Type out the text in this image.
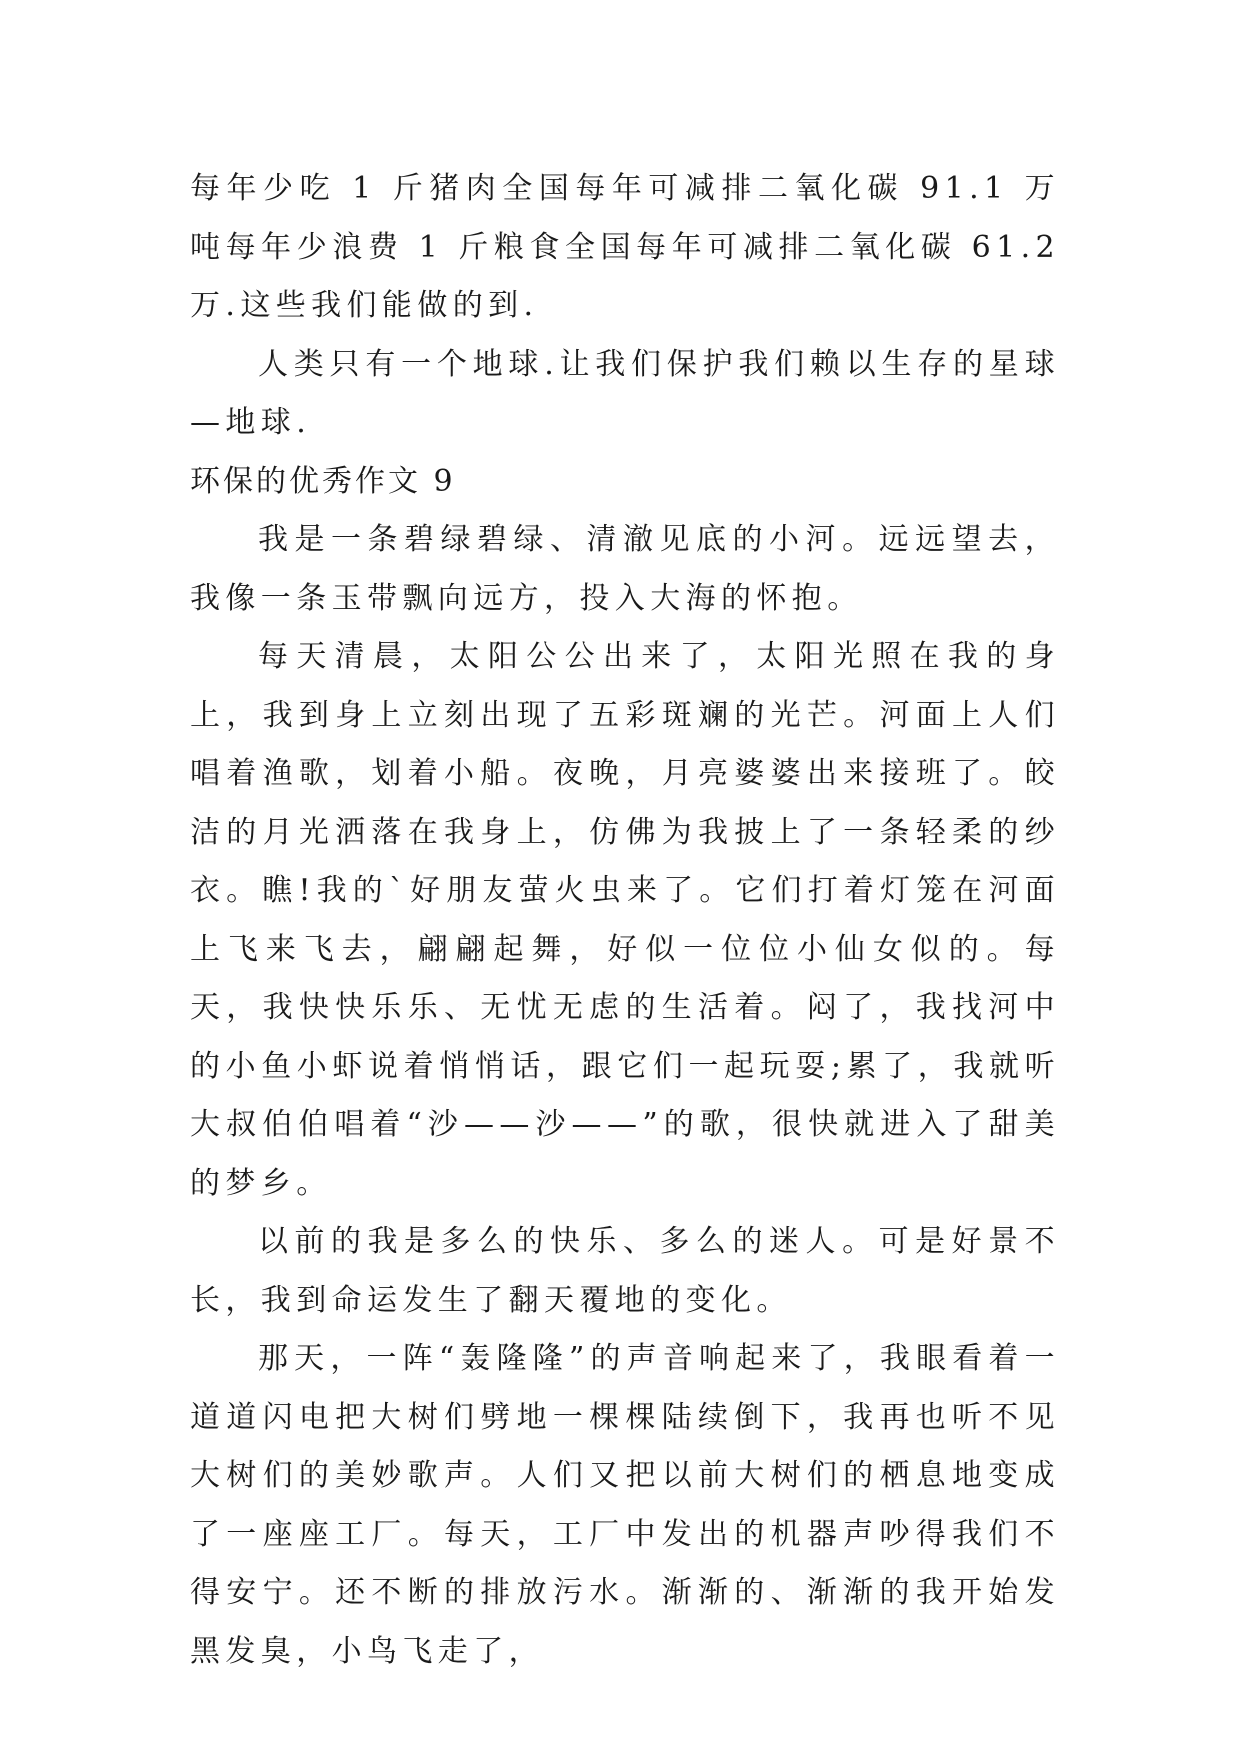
每年少吃 1 斤猪肉全国每年可减排二氧化碳 91.1 万吨每年少浪费 1 斤粮食全国每年可减排二氧化碳 61.2 万.这些我们能做的到.

人类只有一个地球.让我们保护我们赖以生存的星球—地球.

环保的优秀作文 9

我是一条碧绿碧绿、清澈见底的小河。远远望去，我像一条玉带飘向远方，投入大海的怀抱。

每天清晨，太阳公公出来了，太阳光照在我的身上，我到身上立刻出现了五彩斑斓的光芒。河面上人们唱着渔歌，划着小船。夜晚，月亮婆婆出来接班了。皎洁的月光洒落在我身上，仿佛为我披上了一条轻柔的纱衣。瞧!我的`好朋友萤火虫来了。它们打着灯笼在河面上飞来飞去，翩翩起舞，好似一位位小仙女似的。每天，我快快乐乐、无忧无虑的生活着。闷了，我找河中的小鱼小虾说着悄悄话，跟它们一起玩耍;累了，我就听大叔伯伯唱着“沙——沙——”的歌，很快就进入了甜美的梦乡。

以前的我是多么的快乐、多么的迷人。可是好景不长，我到命运发生了翻天覆地的变化。

那天，一阵“轰隆隆”的声音响起来了，我眼看着一道道闪电把大树们劈地一棵棵陆续倒下，我再也听不见大树们的美妙歌声。人们又把以前大树们的栖息地变成了一座座工厂。每天，工厂中发出的机器声吵得我们不得安宁。还不断的排放污水。渐渐的、渐渐的我开始发黑发臭，小鸟飞走了，
